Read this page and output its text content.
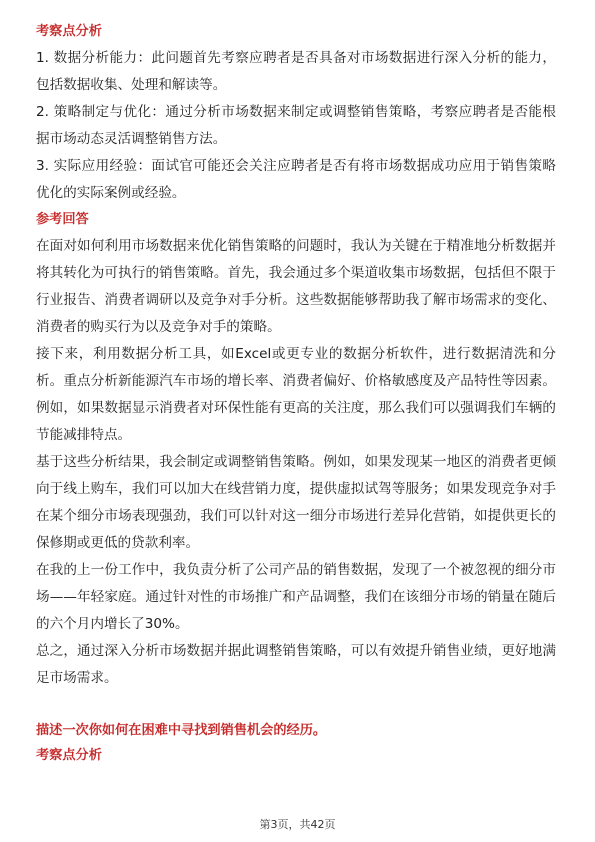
考察点分析

1. 数据分析能力：此问题首先考察应聘者是否具备对市场数据进行深入分析的能力，包括数据收集、处理和解读等。

2. 策略制定与优化：通过分析市场数据来制定或调整销售策略，考察应聘者是否能根据市场动态灵活调整销售方法。

3. 实际应用经验：面试官可能还会关注应聘者是否有将市场数据成功应用于销售策略优化的实际案例或经验。

参考回答

在面对如何利用市场数据来优化销售策略的问题时，我认为关键在于精准地分析数据并将其转化为可执行的销售策略。首先，我会通过多个渠道收集市场数据，包括但不限于行业报告、消费者调研以及竞争对手分析。这些数据能够帮助我了解市场需求的变化、消费者的购买行为以及竞争对手的策略。

接下来，利用数据分析工具，如Excel或更专业的数据分析软件，进行数据清洗和分析。重点分析新能源汽车市场的增长率、消费者偏好、价格敏感度及产品特性等因素。例如，如果数据显示消费者对环保性能有更高的关注度，那么我们可以强调我们车辆的节能减排特点。

基于这些分析结果，我会制定或调整销售策略。例如，如果发现某一地区的消费者更倾向于线上购车，我们可以加大在线营销力度，提供虚拟试驾等服务；如果发现竞争对手在某个细分市场表现强劲，我们可以针对这一细分市场进行差异化营销，如提供更长的保修期或更低的贷款利率。

在我的上一份工作中，我负责分析了公司产品的销售数据，发现了一个被忽视的细分市场——年轻家庭。通过针对性的市场推广和产品调整，我们在该细分市场的销量在随后的六个月内增长了30%。

总之，通过深入分析市场数据并据此调整销售策略，可以有效提升销售业绩，更好地满足市场需求。

描述一次你如何在困难中寻找到销售机会的经历。
考察点分析
第3页，共42页
